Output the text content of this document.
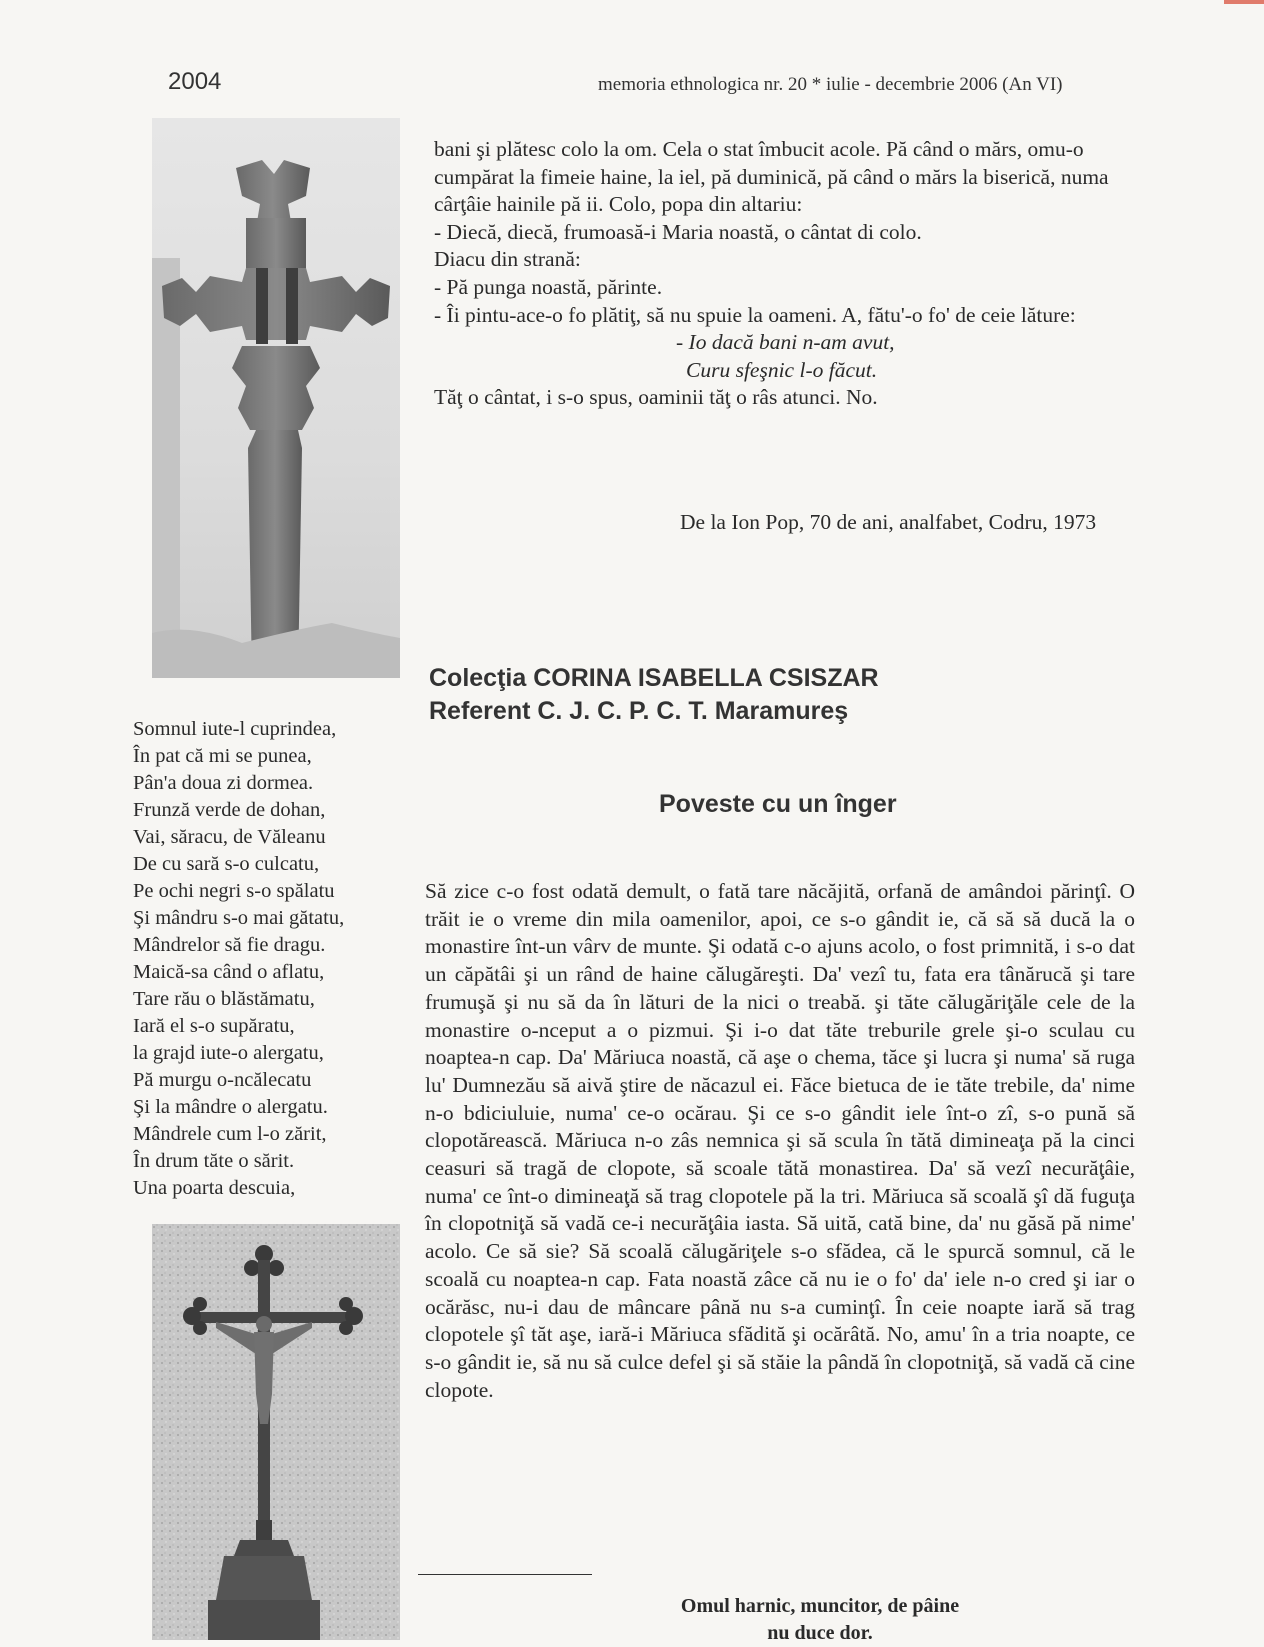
2004	memoria ethnologica nr. 20 * iulie - decembrie 2006 (An VI)

bani şi plătesc colo la om. Cela o stat îmbucit acole. Pă când o mărs, omu-o cumpărat la fimeie haine, la iel, pă duminică, pă când o mărs la biserică, numa cârţâie hainile pă ii. Colo, popa din altariu:

- Diecă, diecă, frumoasă-i Maria noastă, o cântat di colo.

Diacu din strană:

- Pă punga noastă, părinte.

- Îi pintu-ace-o fo plătiţ, să nu spuie la oameni. A, fătu'-o fo' de ceie lăture:

- Io dacă bani n-am avut,

Curu sfeşnic l-o făcut.

Tăţ o cântat, i s-o spus, oaminii tăţ o râs atunci. No.

De la Ion Pop, 70 de ani, analfabet, Codru, 1973
Colecţia CORINA ISABELLA CSISZAR
Referent C. J. C. P. C. T. Maramureş
Poveste cu un înger
Somnul iute-l cuprindea,
În pat că mi se punea,
Pân'a doua zi dormea.
Frunză verde de dohan,
Vai, săracu, de Văleanu
De cu sară s-o culcatu,
Pe ochi negri s-o spălatu
Şi mândru s-o mai gătatu,
Mândrelor să fie dragu.
Maică-sa când o aflatu,
Tare rău o blăstămatu,
Iară el s-o supăratu,
la grajd iute-o alergatu,
Pă murgu o-ncălecatu
Şi la mândre o alergatu.
Mândrele cum l-o zărit,
În drum tăte o sărit.
Una poarta descuia,

Să zice c-o fost odată demult, o fată tare năcăjită, orfană de amândoi părinţî. O trăit ie o vreme din mila oamenilor, apoi, ce s-o gândit ie, că să să ducă la o monastire înt-un vârv de munte. Şi odată c-o ajuns acolo, o fost primnită, i s-o dat un căpătâi şi un rând de haine călugăreşti. Da' vezî tu, fata era tânărucă şi tare frumuşă şi nu să da în lături de la nici o treabă. şi tăte călugăriţăle cele de la monastire o-nceput a o pizmui. Şi i-o dat tăte treburile grele şi-o sculau cu noaptea-n cap. Da' Măriuca noastă, că aşe o chema, tăce şi lucra şi numa' să ruga lu' Dumnezău să aivă ştire de năcazul ei. Făce bietuca de ie tăte trebile, da' nime n-o bdiciuluie, numa' ce-o ocărau. Şi ce s-o gândit iele înt-o zî, s-o pună să clopotărească. Măriuca n-o zâs nemnica şi să scula în tătă dimineaţa pă la cinci ceasuri să tragă de clopote, să scoale tătă monastirea. Da' să vezî necurăţâie, numa' ce înt-o dimineaţă să trag clopotele pă la tri. Măriuca să scoală şî dă fuguţa în clopotniţă să vadă ce-i necurăţâia iasta. Să uită, cată bine, da' nu găsă pă nime' acolo. Ce să sie? Să scoală călugăriţele s-o sfădea, că le spurcă somnul, că le scoală cu noaptea-n cap. Fata noastă zâce că nu ie o fo' da' iele n-o cred şi iar o ocărăsc, nu-i dau de mâncare până nu s-a cuminţî. În ceie noapte iară să trag clopotele şî tăt aşe, iară-i Măriuca sfădită şi ocărâtă. No, amu' în a tria noapte, ce s-o gândit ie, să nu să culce defel şi să stăie la pândă în clopotniţă, să vadă că cine clopote.

Omul harnic, muncitor, de pâine
nu duce dor.
